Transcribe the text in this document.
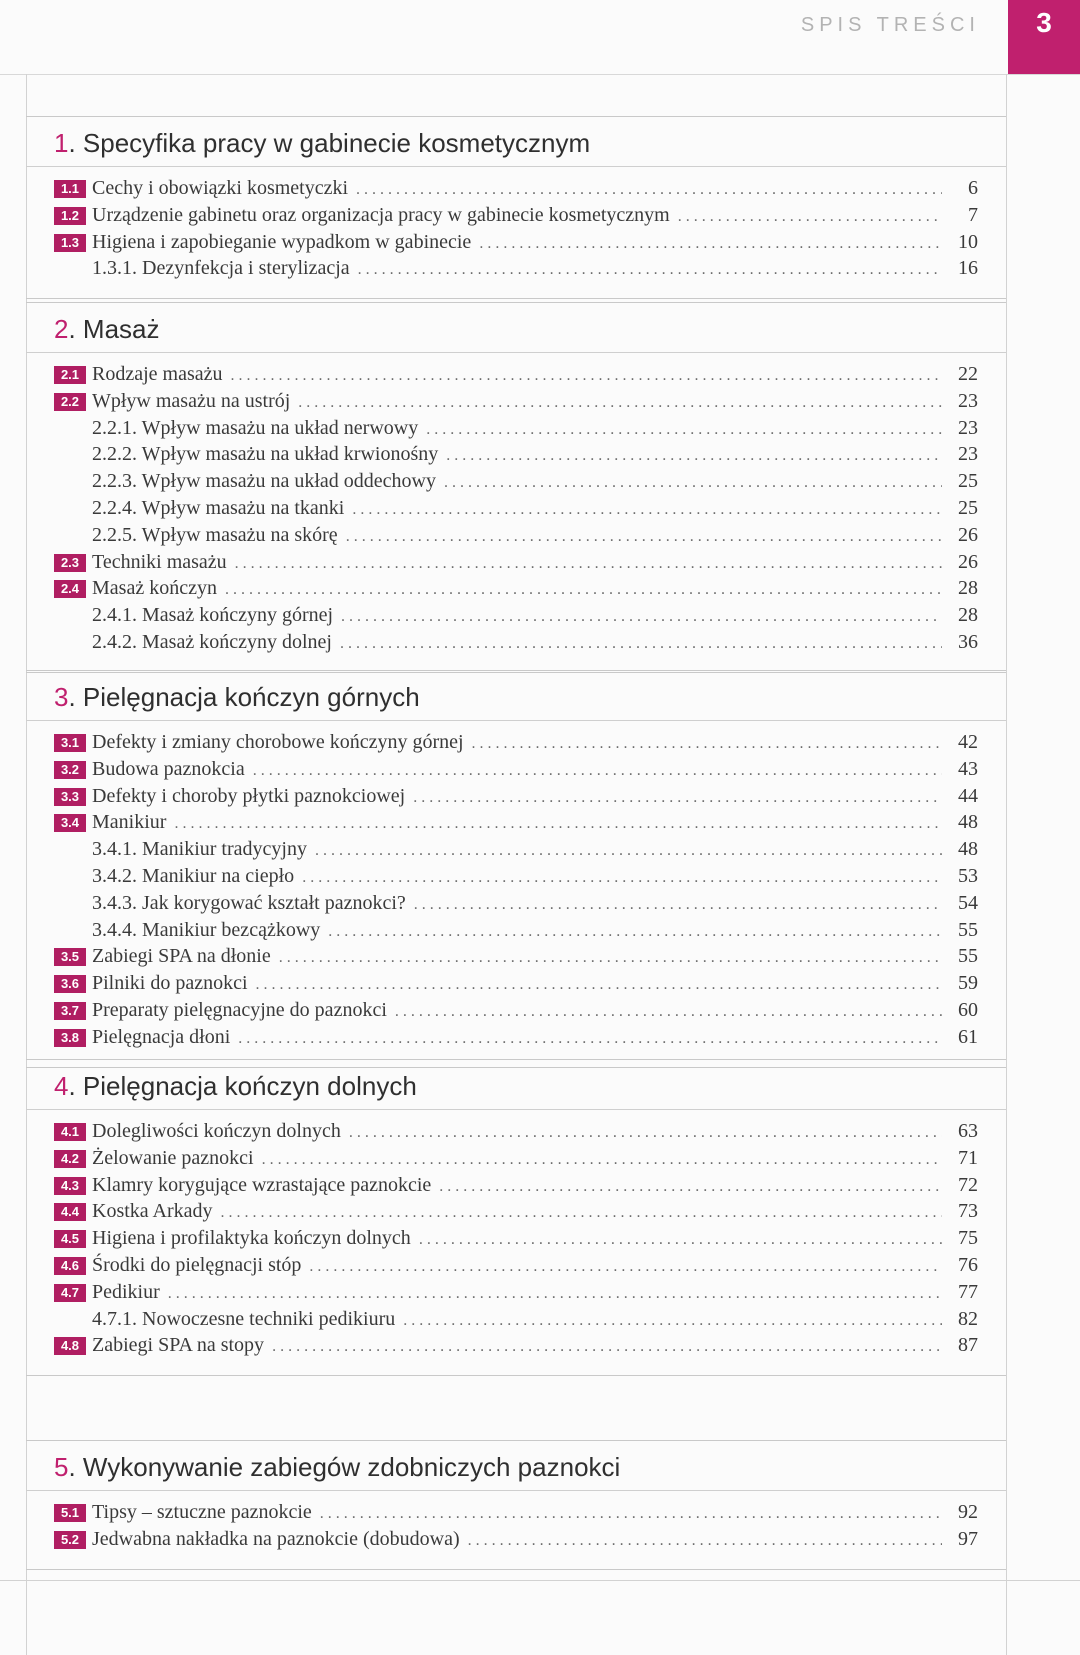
SPIS TREŚCI	3
1. Specyfika pracy w gabinecie kosmetycznym
1.1 Cechy i obowiązki kosmetyczki . . .	6
1.2 Urządzenie gabinetu oraz organizacja pracy w gabinecie kosmetycznym . . .	7
1.3 Higiena i zapobieganie wypadkom w gabinecie . . .	10
1.3.1. Dezynfekcja i sterylizacja . . .	16
2. Masaż
2.1 Rodzaje masażu . . .	22
2.2 Wpływ masażu na ustrój . . .	23
2.2.1. Wpływ masażu na układ nerwowy . . .	23
2.2.2. Wpływ masażu na układ krwionośny . . .	23
2.2.3. Wpływ masażu na układ oddechowy . . .	25
2.2.4. Wpływ masażu na tkanki . . .	25
2.2.5. Wpływ masażu na skórę . . .	26
2.3 Techniki masażu . . .	26
2.4 Masaż kończyn . . .	28
2.4.1. Masaż kończyny górnej . . .	28
2.4.2. Masaż kończyny dolnej . . .	36
3. Pielęgnacja kończyn górnych
3.1 Defekty i zmiany chorobowe kończyny górnej . . .	42
3.2 Budowa paznokcia . . .	43
3.3 Defekty i choroby płytki paznokciowej . . .	44
3.4 Manikiur . . .	48
3.4.1. Manikiur tradycyjny . . .	48
3.4.2. Manikiur na ciepło . . .	53
3.4.3. Jak korygować kształt paznokci? . . .	54
3.4.4. Manikiur bezcążkowy . . .	55
3.5 Zabiegi SPA na dłonie . . .	55
3.6 Pilniki do paznokci . . .	59
3.7 Preparaty pielęgnacyjne do paznokci . . .	60
3.8 Pielęgnacja dłoni . . .	61
4. Pielęgnacja kończyn dolnych
4.1 Dolegliwości kończyn dolnych . . .	63
4.2 Żelowanie paznokci . . .	71
4.3 Klamry korygujące wzrastające paznokcie . . .	72
4.4 Kostka Arkady . . .	73
4.5 Higiena i profilaktyka kończyn dolnych . . .	75
4.6 Środki do pielęgnacji stóp . . .	76
4.7 Pedikiur . . .	77
4.7.1. Nowoczesne techniki pedikiuru . . .	82
4.8 Zabiegi SPA na stopy . . .	87
5. Wykonywanie zabiegów zdobniczych paznokci
5.1 Tipsy – sztuczne paznokcie . . .	92
5.2 Jedwabna nakładka na paznokcie (dobudowa) . . .	97
